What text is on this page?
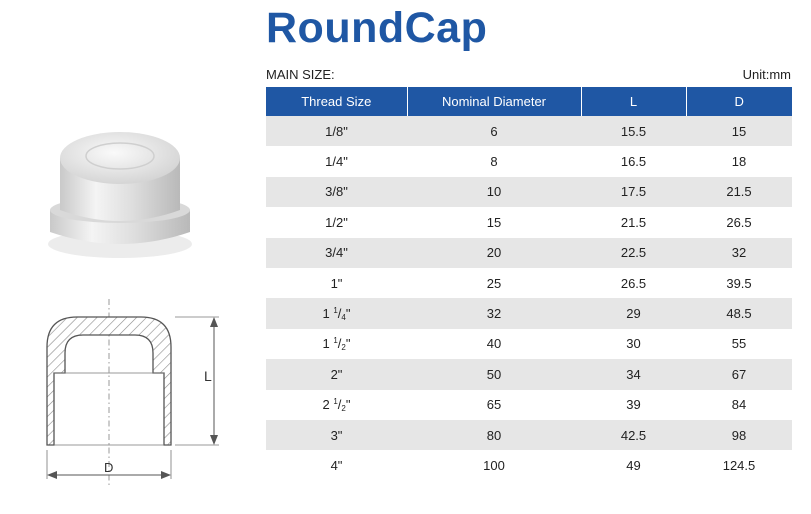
RoundCap
MAIN SIZE:	Unit:mm
L
D
Thread Size	Nominal Diameter	L	D
1/8"	6	15.5	15
1/4"	8	16.5	18
3/8"	10	17.5	21.5
1/2"	15	21.5	26.5
3/4"	20	22.5	32
1"	25	26.5	39.5
1 $^1/_4$"	32	29	48.5
1 $^1/_2$"	40	30	55
2"	50	34	67
2 $^1/_2$"	65	39	84
3"	80	42.5	98
4"	100	49	124.5
